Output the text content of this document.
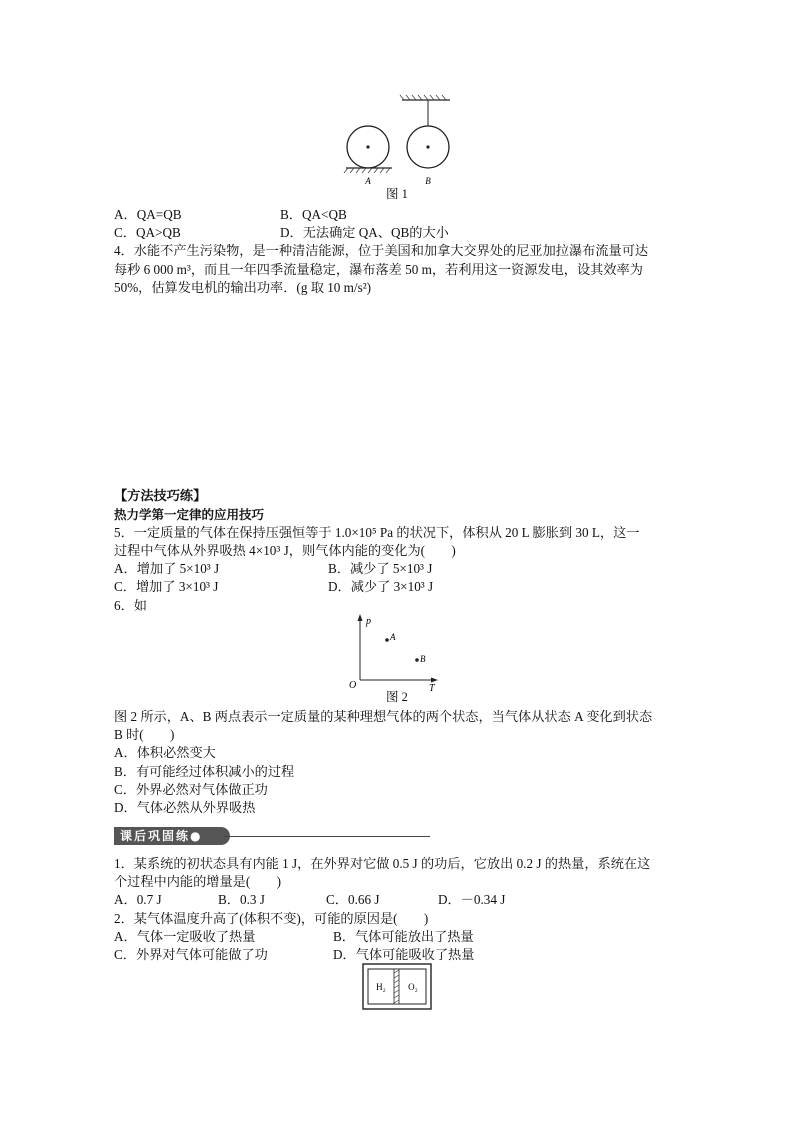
A	B
图 1
A．QA=QB	B．QA<QB
C．QA>QB	D．无法确定 QA、QB的大小
4．水能不产生污染物，是一种清洁能源，位于美国和加拿大交界处的尼亚加拉瀑布流量可达
每秒 6 000 m³，而且一年四季流量稳定，瀑布落差 50 m，若利用这一资源发电，设其效率为
50%，估算发电机的输出功率．(g 取 10 m/s²)
【方法技巧练】
热力学第一定律的应用技巧
5．一定质量的气体在保持压强恒等于 1.0×10⁵ Pa 的状况下，体积从 20 L 膨胀到 30 L，这一
过程中气体从外界吸热 4×10³ J，则气体内能的变化为(　　)
A．增加了 5×10³ J	B．减少了 5×10³ J
C．增加了 3×10³ J	D．减少了 3×10³ J
6．如
p
T
O
A
B
图 2
图 2 所示，A、B 两点表示一定质量的某种理想气体的两个状态，当气体从状态 A 变化到状态
B 时(　　)
A．体积必然变大
B．有可能经过体积减小的过程
C．外界必然对气体做正功
D．气体必然从外界吸热
课后巩固练●
1．某系统的初状态具有内能 1 J，在外界对它做 0.5 J 的功后，它放出 0.2 J 的热量，系统在这
个过程中内能的增量是(　　)
A．0.7 J	B．0.3 J	C．0.66 J	D．－0.34 J
2．某气体温度升高了(体积不变)，可能的原因是(　　)
A．气体一定吸收了热量	B．气体可能放出了热量
C．外界对气体可能做了功	D．气体可能吸收了热量
H₂ O₂
